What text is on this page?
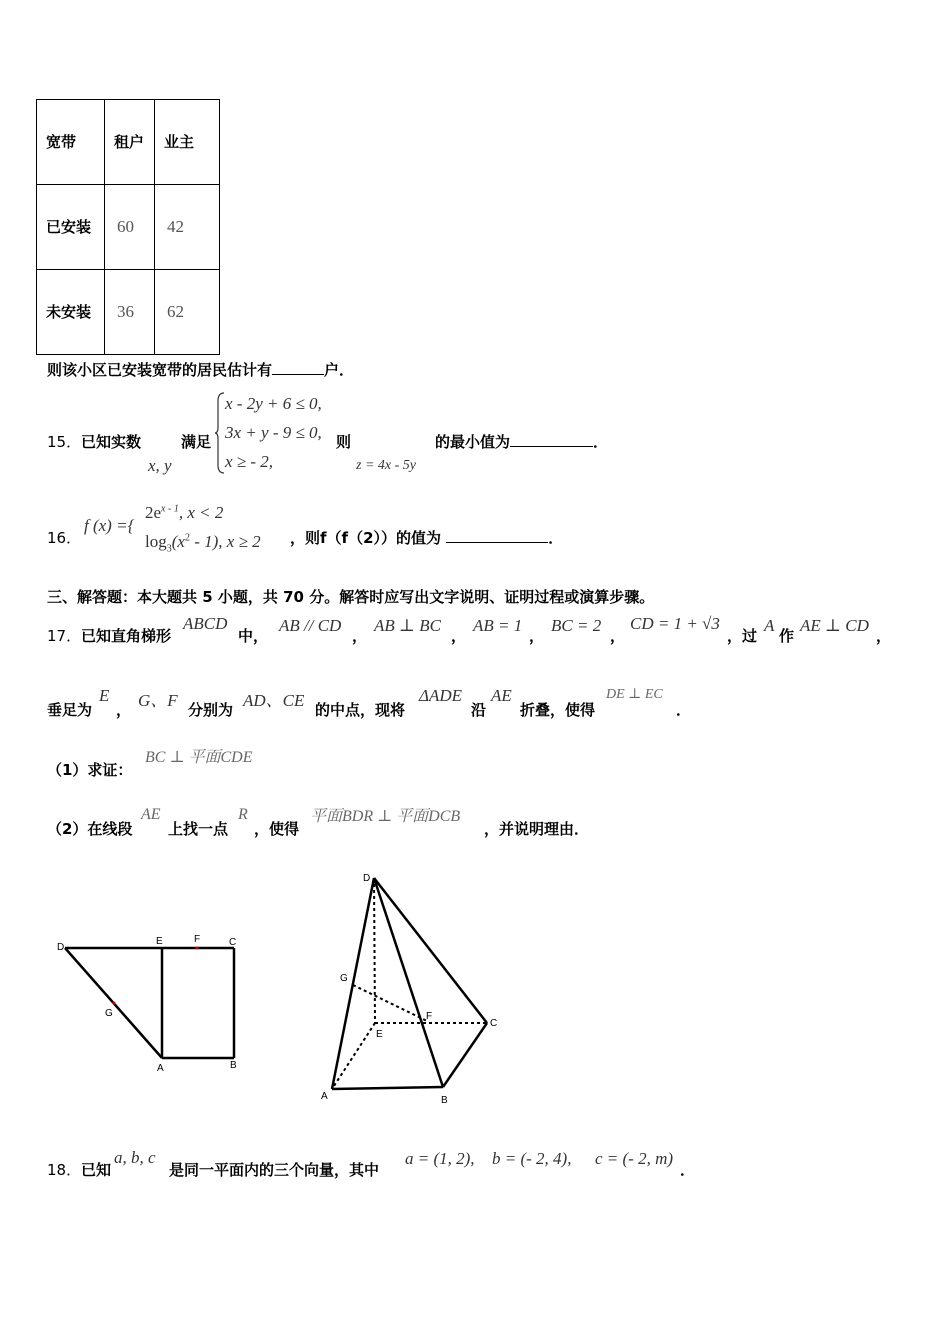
宽带	租户	业主
已安装	60	42
未安装	36	62
则该小区已安装宽带的居民估计有	户．
15． 已知实数
x, y
满足
x - 2y + 6 ≤ 0,
3x + y - 9 ≤ 0,
x ≥ - 2,
则
z = 4x - 5y
的最小值为	．
16．
f (x) ={
$2e^{x - 1}$, x < 2
$\log_3(x^2 - 1)$, x ≥ 2 ，则f（f（2））的值为	．
三、解答题：本大题共 5 小题，共 70 分。解答时应写出文字说明、证明过程或演算步骤。
17． 已知直角梯形
ABCD
中，
AB // CD
，
AB ⊥ BC
，
AB = 1
，
BC = 2
，
CD = 1 + √3
，过
A
作
AE ⊥ CD
，
垂足为
E
， G、F 分别为 AD、CE 的中点，现将
ΔADE
沿
AE
折叠，使得
DE ⊥ EC
．
（1）求证：
BC ⊥ 平面CDE
（2）在线段
AE
上找一点
R
，使得
平面BDR ⊥ 平面DCB
，并说明理由．
D
E	F	C
G
A	B
D
G
F
C
E
A	B
18． 已知
a, b, c
是同一平面内的三个向量，其中
a = (1, 2), b = (- 2, 4), c = (- 2, m)
．
